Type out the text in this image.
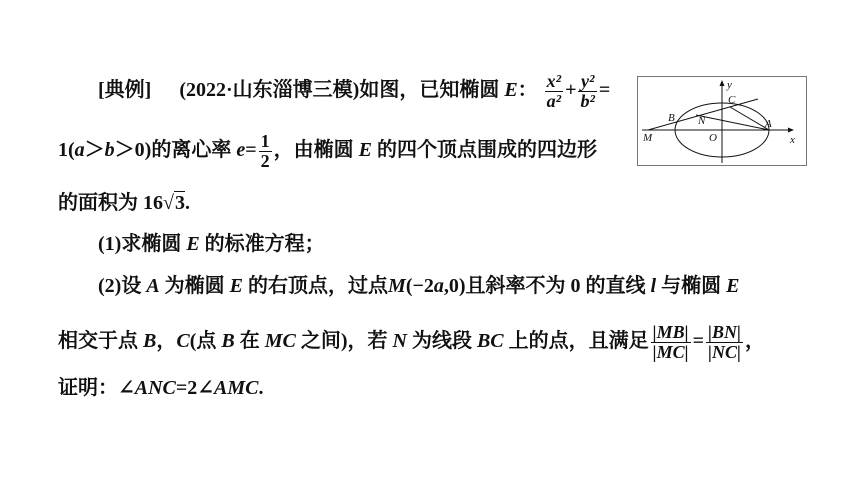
[典例] (2022·山东淄博三模)如图，已知椭圆 E： $\frac{\text{x²}}{\text{a²}} + \frac{\text{y²}}{\text{b²}}$ =
1(a＞b＞0)的离心率 $e= \frac{1}{2}$ ，由椭圆 E 的四个顶点围成的四边形
的面积为 16√3.
(1)求椭圆 E 的标准方程；
(2)设 A 为椭圆 E 的右顶点，过点M(−2a,0)且斜率不为 0 的直线 l 与椭圆 E
相交于点 B，C(点 B 在 MC 之间)，若 N 为线段 BC 上的点，且满足 $\frac{|MB|}{|MC|} = \frac{|BN|}{|NC|}$ ，
证明：∠ANC=2∠AMC.
y
x
C
B N	A
M	O
